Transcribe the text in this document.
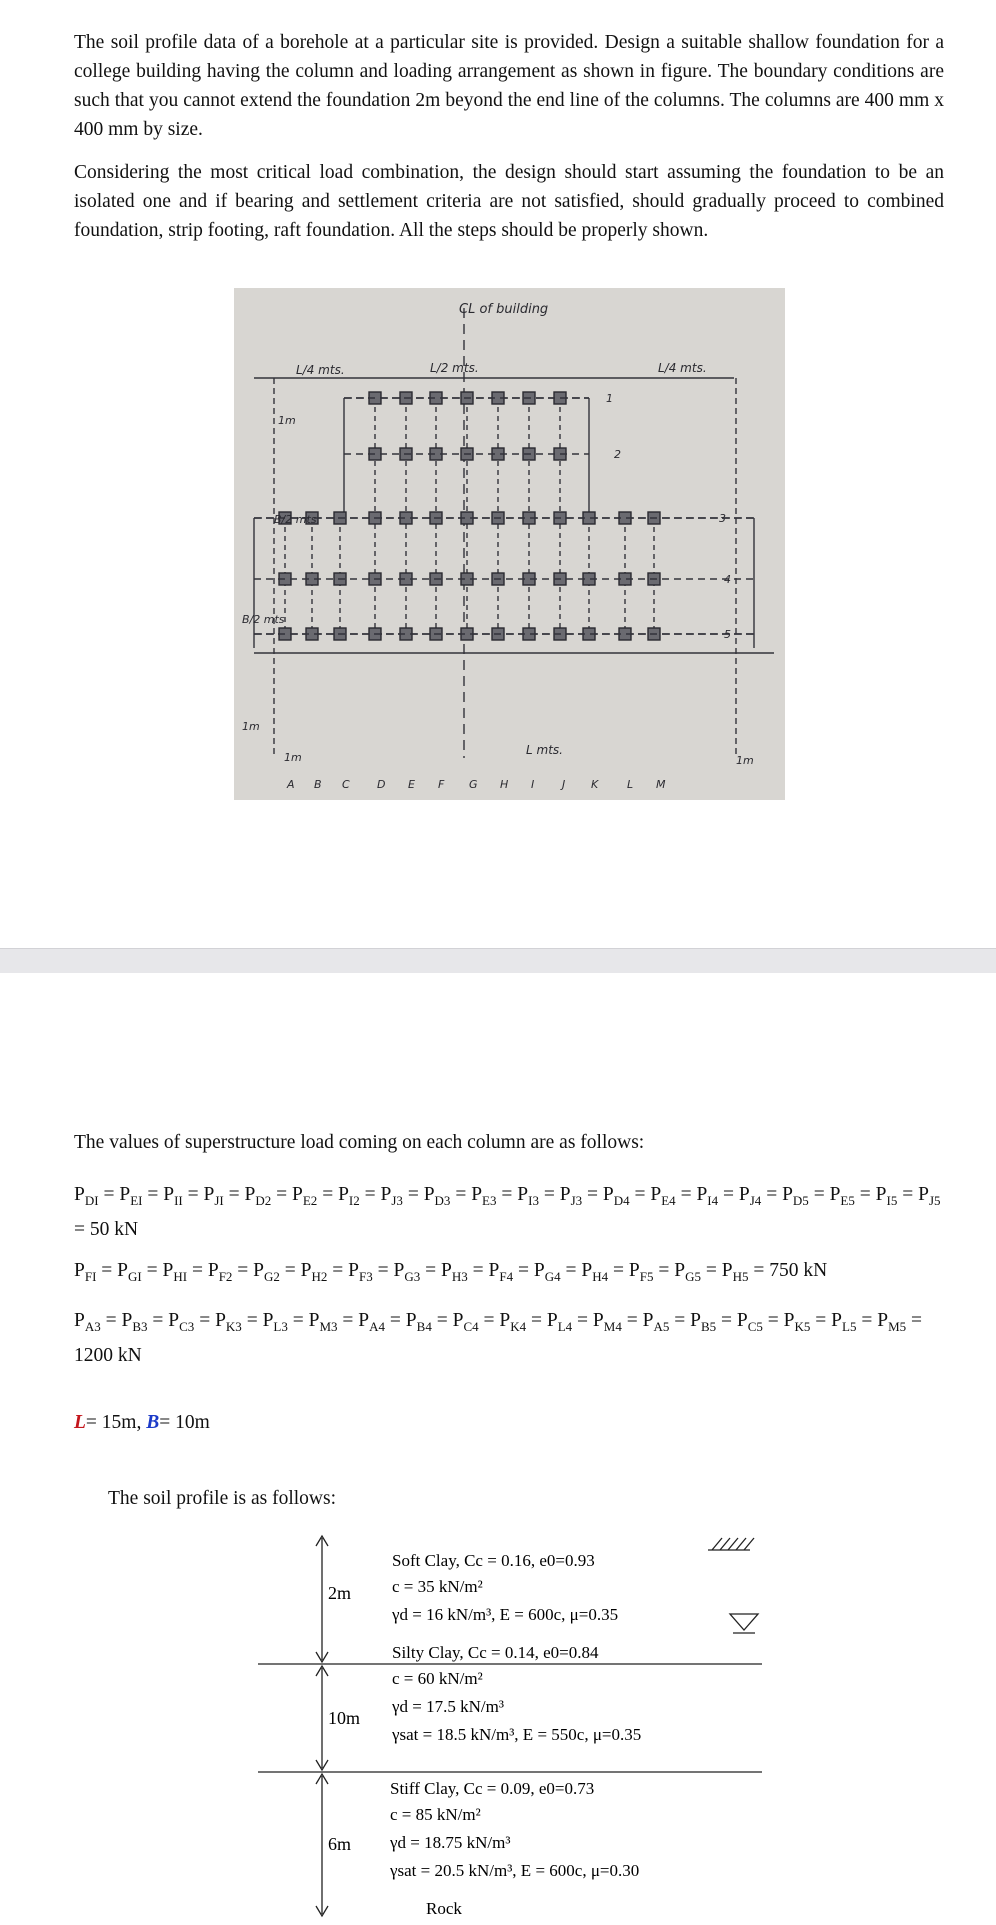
The soil profile data of a borehole at a particular site is provided. Design a suitable shallow foundation for a college building having the column and loading arrangement as shown in figure. The boundary conditions are such that you cannot extend the foundation 2m beyond the end line of the columns. The columns are 400 mm x 400 mm by size.

Considering the most critical load combination, the design should start assuming the foundation to be an isolated one and if bearing and settlement criteria are not satisfied, should gradually proceed to combined foundation, strip footing, raft foundation. All the steps should be properly shown.

CL of building
L/4 mts.	L/2 mts.	L/4 mts.
1m
B/2 mts.
B/2 mts
1m
1m
L mts.
1m
1
2
3
4
5
A B C D E F G H I	J K	L M
The values of superstructure load coming on each column are as follows:
$P_{DI} = P_{EI} = P_{II} = P_{JI} = P_{D2} = P_{E2} = P_{I2} = P_{J3} = P_{D3} = P_{E3} = P_{I3} = P_{J3} = P_{D4} = P_{E4} = P_{I4} = P_{J4} = P_{D5} = P_{E5} = P_{I5} = P_{J5} = 50$ kN
$P_{FI} = P_{GI} = P_{HI} = P_{F2} = P_{G2} = P_{H2} = P_{F3} = P_{G3} = P_{H3} = P_{F4} = P_{G4} = P_{H4} = P_{F5} = P_{G5} = P_{H5} = 750$ kN
$P_{A3} = P_{B3} = P_{C3} = P_{K3} = P_{L3} = P_{M3} = P_{A4} = P_{B4} = P_{C4} = P_{K4} = P_{L4} = P_{M4} = P_{A5} = P_{B5} = P_{C5} = P_{K5} = P_{L5} = P_{M5} = 1200$ kN
L= 15m, B= 10m
The soil profile is as follows:
2m
10m
6m
Soft Clay, Cc = 0.16, e0=0.93
c = 35 kN/m²
γd = 16 kN/m³, E = 600c, μ=0.35
Silty Clay, Cc = 0.14, e0=0.84
c = 60 kN/m²
γd = 17.5 kN/m³
γsat = 18.5 kN/m³, E = 550c, μ=0.35
Stiff Clay, Cc = 0.09, e0=0.73
c = 85 kN/m²
γd = 18.75 kN/m³
γsat = 20.5 kN/m³, E = 600c, μ=0.30
Rock
